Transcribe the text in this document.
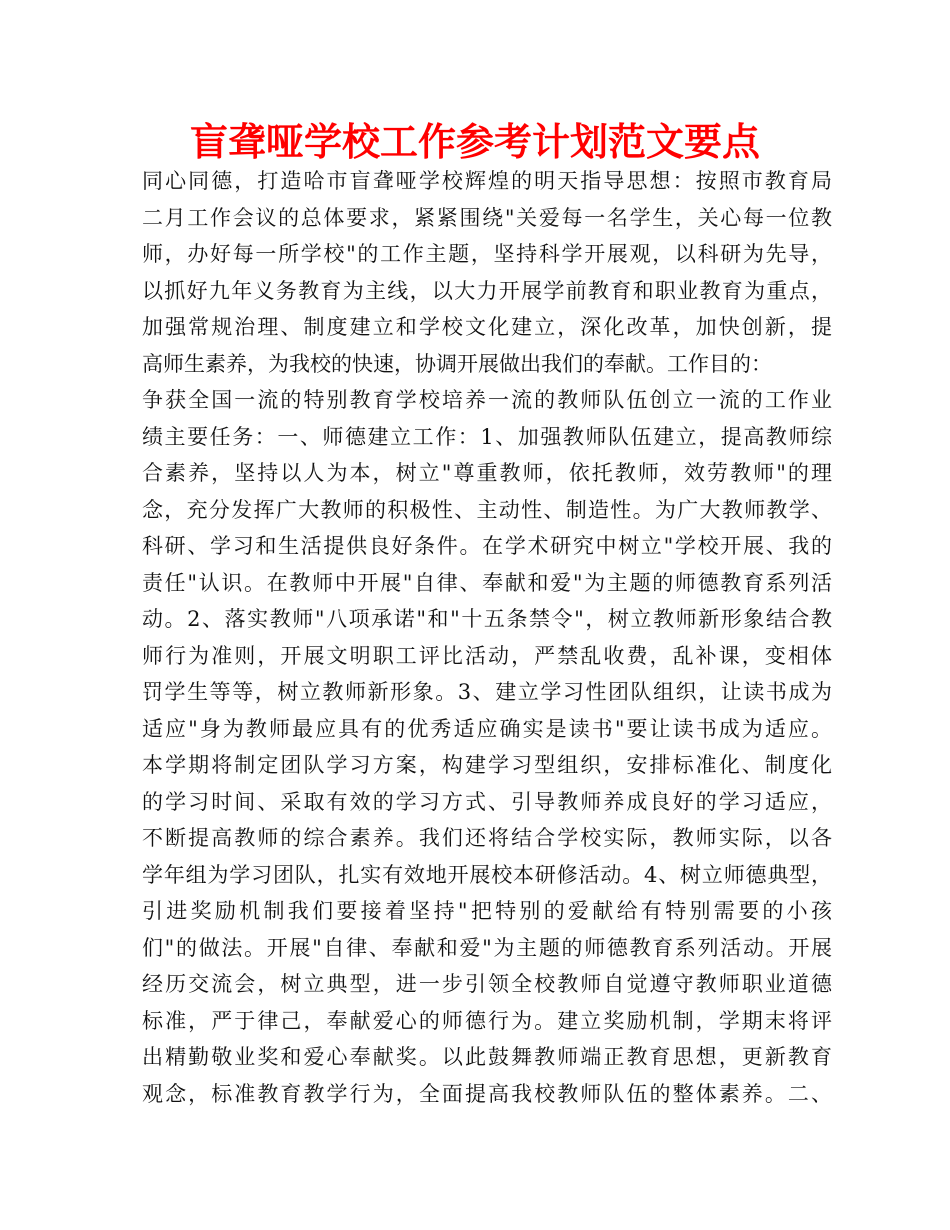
盲聋哑学校工作参考计划范文要点
同心同德，打造哈市盲聋哑学校辉煌的明天指导思想：按照市教育局
二月工作会议的总体要求，紧紧围绕"关爱每一名学生，关心每一位教
师，办好每一所学校"的工作主题，坚持科学开展观，以科研为先导，
以抓好九年义务教育为主线，以大力开展学前教育和职业教育为重点，
加强常规治理、制度建立和学校文化建立，深化改革，加快创新，提
高师生素养，为我校的快速，协调开展做出我们的奉献。工作目的：
争获全国一流的特别教育学校培养一流的教师队伍创立一流的工作业
绩主要任务：一、师德建立工作：1、加强教师队伍建立，提高教师综
合素养，坚持以人为本，树立"尊重教师，依托教师，效劳教师"的理
念，充分发挥广大教师的积极性、主动性、制造性。为广大教师教学、
科研、学习和生活提供良好条件。在学术研究中树立"学校开展、我的
责任"认识。在教师中开展"自律、奉献和爱"为主题的师德教育系列活
动。2、落实教师"八项承诺"和"十五条禁令"，树立教师新形象结合教
师行为准则，开展文明职工评比活动，严禁乱收费，乱补课，变相体
罚学生等等，树立教师新形象。3、建立学习性团队组织，让读书成为
适应"身为教师最应具有的优秀适应确实是读书"要让读书成为适应。
本学期将制定团队学习方案，构建学习型组织，安排标准化、制度化
的学习时间、采取有效的学习方式、引导教师养成良好的学习适应，
不断提高教师的综合素养。我们还将结合学校实际，教师实际，以各
学年组为学习团队，扎实有效地开展校本研修活动。4、树立师德典型，
引进奖励机制我们要接着坚持"把特别的爱献给有特别需要的小孩
们"的做法。开展"自律、奉献和爱"为主题的师德教育系列活动。开展
经历交流会，树立典型，进一步引领全校教师自觉遵守教师职业道德
标准，严于律己，奉献爱心的师德行为。建立奖励机制，学期末将评
出精勤敬业奖和爱心奉献奖。以此鼓舞教师端正教育思想，更新教育
观念，标准教育教学行为，全面提高我校教师队伍的整体素养。二、
